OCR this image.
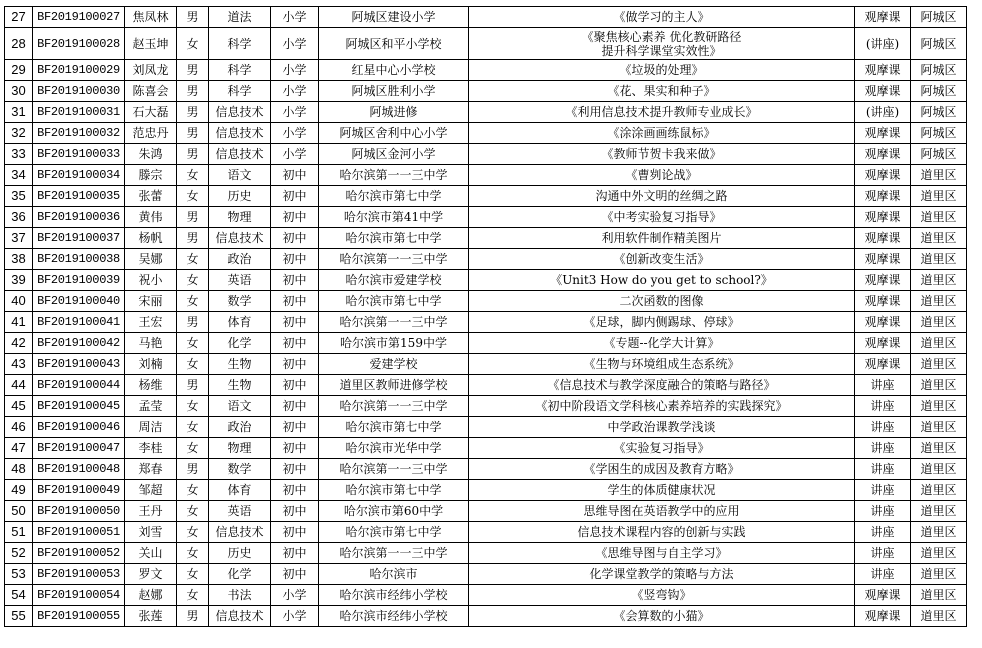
27	BF2019100027	焦凤林	男	道法	小学	阿城区建设小学	《做学习的主人》	观摩课	阿城区
28	BF2019100028	赵玉坤	女	科学	小学	阿城区和平小学校	《聚焦核心素养 优化教研路径
提升科学课堂实效性》	(讲座)	阿城区
29	BF2019100029	刘凤龙	男	科学	小学	红星中心小学校	《垃圾的处理》	观摩课	阿城区
30	BF2019100030	陈喜会	男	科学	小学	阿城区胜利小学	《花、果实和种子》	观摩课	阿城区
31	BF2019100031	石大磊	男	信息技术	小学	阿城进修	《利用信息技术提升教师专业成长》	(讲座)	阿城区
32	BF2019100032	范忠丹	男	信息技术	小学	阿城区舍利中心小学	《涂涂画画练鼠标》	观摩课	阿城区
33	BF2019100033	朱鸿	男	信息技术	小学	阿城区金河小学	《教师节贺卡我来做》	观摩课	阿城区
34	BF2019100034	滕宗	女	语文	初中	哈尔滨第一一三中学	《曹刿论战》	观摩课	道里区
35	BF2019100035	张蕾	女	历史	初中	哈尔滨市第七中学	沟通中外文明的丝绸之路	观摩课	道里区
36	BF2019100036	黄伟	男	物理	初中	哈尔滨市第41中学	《中考实验复习指导》	观摩课	道里区
37	BF2019100037	杨帆	男	信息技术	初中	哈尔滨市第七中学	利用软件制作精美图片	观摩课	道里区
38	BF2019100038	吴娜	女	政治	初中	哈尔滨第一一三中学	《创新改变生活》	观摩课	道里区
39	BF2019100039	祝小	女	英语	初中	哈尔滨市爱建学校	《Unit3 How do you get to school?》	观摩课	道里区
40	BF2019100040	宋丽	女	数学	初中	哈尔滨市第七中学	二次函数的图像	观摩课	道里区
41	BF2019100041	王宏	男	体育	初中	哈尔滨第一一三中学	《足球，脚内侧踢球、停球》	观摩课	道里区
42	BF2019100042	马艳	女	化学	初中	哈尔滨市第159中学	《专题--化学大计算》	观摩课	道里区
43	BF2019100043	刘楠	女	生物	初中	爱建学校	《生物与环境组成生态系统》	观摩课	道里区
44	BF2019100044	杨维	男	生物	初中	道里区教师进修学校	《信息技术与教学深度融合的策略与路径》	讲座	道里区
45	BF2019100045	孟莹	女	语文	初中	哈尔滨第一一三中学	《初中阶段语文学科核心素养培养的实践探究》	讲座	道里区
46	BF2019100046	周洁	女	政治	初中	哈尔滨市第七中学	中学政治课教学浅谈	讲座	道里区
47	BF2019100047	李桂	女	物理	初中	哈尔滨市光华中学	《实验复习指导》	讲座	道里区
48	BF2019100048	郑春	男	数学	初中	哈尔滨第一一三中学	《学困生的成因及教育方略》	讲座	道里区
49	BF2019100049	邹超	女	体育	初中	哈尔滨市第七中学	学生的体质健康状况	讲座	道里区
50	BF2019100050	王丹	女	英语	初中	哈尔滨市第60中学	思维导图在英语教学中的应用	讲座	道里区
51	BF2019100051	刘雪	女	信息技术	初中	哈尔滨市第七中学	信息技术课程内容的创新与实践	讲座	道里区
52	BF2019100052	关山	女	历史	初中	哈尔滨第一一三中学	《思维导图与自主学习》	讲座	道里区
53	BF2019100053	罗文	女	化学	初中	哈尔滨市	化学课堂教学的策略与方法	讲座	道里区
54	BF2019100054	赵娜	女	书法	小学	哈尔滨市经纬小学校	《竖弯钩》	观摩课	道里区
55	BF2019100055	张莲	男	信息技术	小学	哈尔滨市经纬小学校	《会算数的小猫》	观摩课	道里区
